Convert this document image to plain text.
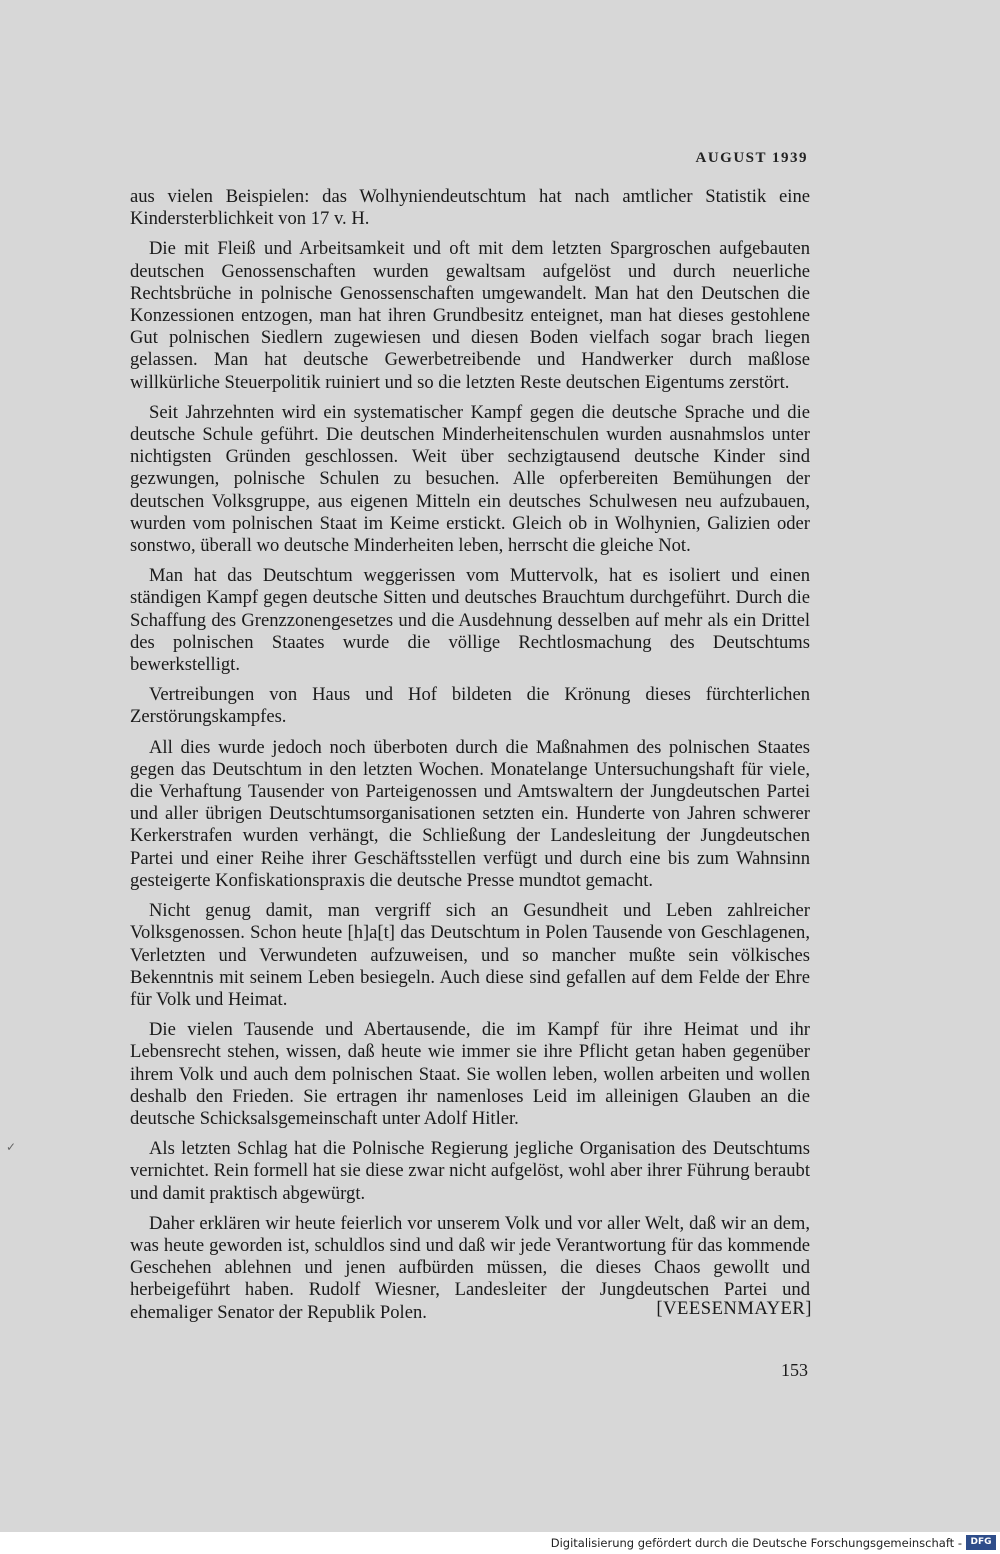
AUGUST 1939

aus vielen Beispielen: das Wolhyniendeutschtum hat nach amtlicher Statistik eine Kindersterblichkeit von 17 v. H.

Die mit Fleiß und Arbeitsamkeit und oft mit dem letzten Spargroschen aufgebauten deutschen Genossenschaften wurden gewaltsam aufgelöst und durch neuerliche Rechtsbrüche in polnische Genossenschaften umgewandelt. Man hat den Deutschen die Konzessionen entzogen, man hat ihren Grundbesitz enteignet, man hat dieses gestohlene Gut polnischen Siedlern zugewiesen und diesen Boden vielfach sogar brach liegen gelassen. Man hat deutsche Gewerbetreibende und Handwerker durch maßlose willkürliche Steuerpolitik ruiniert und so die letzten Reste deutschen Eigentums zerstört.

Seit Jahrzehnten wird ein systematischer Kampf gegen die deutsche Sprache und die deutsche Schule geführt. Die deutschen Minderheitenschulen wurden ausnahmslos unter nichtigsten Gründen geschlossen. Weit über sechzigtausend deutsche Kinder sind gezwungen, polnische Schulen zu besuchen. Alle opferbereiten Bemühungen der deutschen Volksgruppe, aus eigenen Mitteln ein deutsches Schulwesen neu aufzubauen, wurden vom polnischen Staat im Keime erstickt. Gleich ob in Wolhynien, Galizien oder sonstwo, überall wo deutsche Minderheiten leben, herrscht die gleiche Not.

Man hat das Deutschtum weggerissen vom Muttervolk, hat es isoliert und einen ständigen Kampf gegen deutsche Sitten und deutsches Brauchtum durchgeführt. Durch die Schaffung des Grenzzonengesetzes und die Ausdehnung desselben auf mehr als ein Drittel des polnischen Staates wurde die völlige Rechtlosmachung des Deutschtums bewerkstelligt.

Vertreibungen von Haus und Hof bildeten die Krönung dieses fürchterlichen Zerstörungskampfes.

All dies wurde jedoch noch überboten durch die Maßnahmen des polnischen Staates gegen das Deutschtum in den letzten Wochen. Monatelange Untersuchungshaft für viele, die Verhaftung Tausender von Parteigenossen und Amtswaltern der Jungdeutschen Partei und aller übrigen Deutschtumsorganisationen setzten ein. Hunderte von Jahren schwerer Kerkerstrafen wurden verhängt, die Schließung der Landesleitung der Jungdeutschen Partei und einer Reihe ihrer Geschäftsstellen verfügt und durch eine bis zum Wahnsinn gesteigerte Konfiskationspraxis die deutsche Presse mundtot gemacht.

Nicht genug damit, man vergriff sich an Gesundheit und Leben zahlreicher Volksgenossen. Schon heute [h]a[t] das Deutschtum in Polen Tausende von Geschlagenen, Verletzten und Verwundeten aufzuweisen, und so mancher mußte sein völkisches Bekenntnis mit seinem Leben besiegeln. Auch diese sind gefallen auf dem Felde der Ehre für Volk und Heimat.

Die vielen Tausende und Abertausende, die im Kampf für ihre Heimat und ihr Lebensrecht stehen, wissen, daß heute wie immer sie ihre Pflicht getan haben gegenüber ihrem Volk und auch dem polnischen Staat. Sie wollen leben, wollen arbeiten und wollen deshalb den Frieden. Sie ertragen ihr namenloses Leid im alleinigen Glauben an die deutsche Schicksalsgemeinschaft unter Adolf Hitler.

Als letzten Schlag hat die Polnische Regierung jegliche Organisation des Deutschtums vernichtet. Rein formell hat sie diese zwar nicht aufgelöst, wohl aber ihrer Führung beraubt und damit praktisch abgewürgt.

Daher erklären wir heute feierlich vor unserem Volk und vor aller Welt, daß wir an dem, was heute geworden ist, schuldlos sind und daß wir jede Verantwortung für das kommende Geschehen ablehnen und jenen aufbürden müssen, die dieses Chaos gewollt und herbeigeführt haben. Rudolf Wiesner, Landesleiter der Jungdeutschen Partei und ehemaliger Senator der Republik Polen.	[VEESENMAYER]
153
✓
Digitalisierung gefördert durch die Deutsche Forschungsgemeinschaft - DFG
